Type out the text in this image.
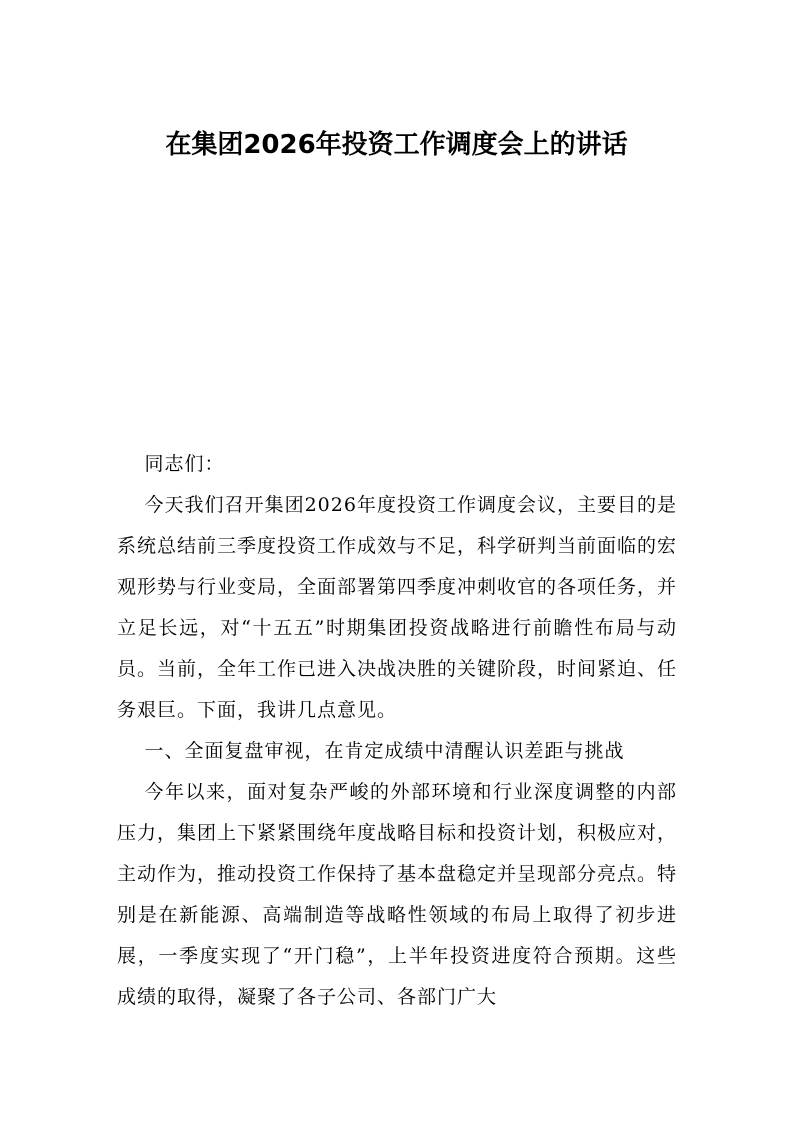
在集团2026年投资工作调度会上的讲话

同志们：

今天我们召开集团2026年度投资工作调度会议，主要目的是系统总结前三季度投资工作成效与不足，科学研判当前面临的宏观形势与行业变局，全面部署第四季度冲刺收官的各项任务，并立足长远，对“十五五”时期集团投资战略进行前瞻性布局与动员。当前，全年工作已进入决战决胜的关键阶段，时间紧迫、任务艰巨。下面，我讲几点意见。

一、全面复盘审视，在肯定成绩中清醒认识差距与挑战

今年以来，面对复杂严峻的外部环境和行业深度调整的内部压力，集团上下紧紧围绕年度战略目标和投资计划，积极应对，主动作为，推动投资工作保持了基本盘稳定并呈现部分亮点。特别是在新能源、高端制造等战略性领域的布局上取得了初步进展，一季度实现了“开门稳”，上半年投资进度符合预期。这些成绩的取得，凝聚了各子公司、各部门广大
